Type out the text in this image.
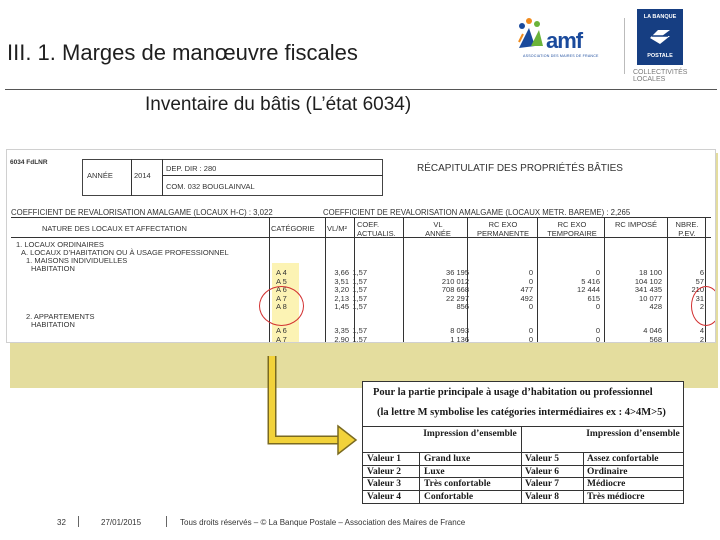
III. 1. Marges de manœuvre fiscales	amf
ASSOCIATION DES MAIRES DE FRANCE
LA BANQUE
POSTALE
COLLECTIVITÉS LOCALES
Inventaire du bâtis (L’état 6034)
6034 FdLNR
ANNÉE	2014
DEP. DIR : 280
COM. 032 BOUGLAINVAL
RÉCAPITULATIF DES PROPRIÉTÉS BÂTIES
COEFFICIENT DE REVALORISATION AMALGAME (LOCAUX H-C) : 3,022	COEFFICIENT DE REVALORISATION AMALGAME (LOCAUX METR. BAREME) : 2,265
NATURE DES LOCAUX ET AFFECTATION	CATÉGORIE VL/M² COEF. ACTUALIS.
VL ANNÉE
RC EXO PERMANENTE
RC EXO TEMPORAIRE
RC IMPOSÉ	NBRE. P.EV.
1. LOCAUX ORDINAIRES
A. LOCAUX D’HABITATION OU À USAGE PROFESSIONNEL
1. MAISONS INDIVIDUELLES
HABITATION	A 4	3,66 1,57	36 195	0	0	18 100	6
A 5	3,51 1,57	210 012	0	5 416	104 102	57
A 6	3,20 1,57	708 668	477	12 444	341 435	210
A 7	2,13 1,57	22 297	492	615	10 077	31
A 8	1,45 1,57	856	0	0	428	2
2. APPARTEMENTS
HABITATION
A 6	3,35 1,57	8 093	0	0	4 046	4
A 7	2,90 1,57	1 136	0	0	568	2
Pour la partie principale à usage d’habitation ou professionnel
(la lettre M symbolise les catégories intermédiaires ex : 4>4M>5)
Impression d’ensemble	Impression d’ensemble
Valeur 1 Grand luxe	Valeur 5	Assez confortable
Valeur 2 Luxe	Valeur 6	Ordinaire
Valeur 3 Très confortable	Valeur 7	Médiocre
Valeur 4 Confortable	Valeur 8	Très médiocre
32	27/01/2015	Tous droits réservés – © La Banque Postale – Association des Maires de France
